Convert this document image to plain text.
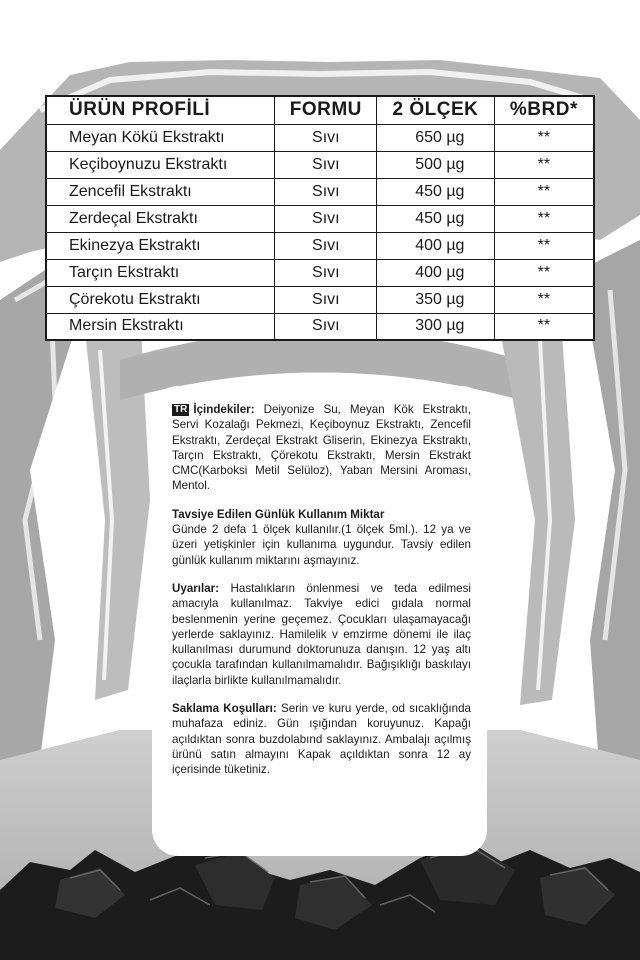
ÜRÜN PROFİLİ	FORMU	2 ÖLÇEK	%BRD*
Meyan Kökü Ekstraktı	Sıvı	650 µg	**
Keçiboynuzu Ekstraktı	Sıvı	500 µg	**
Zencefil Ekstraktı	Sıvı	450 µg	**
Zerdeçal Ekstraktı	Sıvı	450 µg	**
Ekinezya Ekstraktı	Sıvı	400 µg	**
Tarçın Ekstraktı	Sıvı	400 µg	**
Çörekotu Ekstraktı	Sıvı	350 µg	**
Mersin Ekstraktı	Sıvı	300 µg	**

TR İçindekiler: Deiyonize Su, Meyan Kök Ekstraktı, Servi Kozalağı Pekmezi, Keçiboynuz Ekstraktı, Zencefil Ekstraktı, Zerdeçal Ekstrakt Gliserin, Ekinezya Ekstraktı, Tarçın Ekstraktı, Çörekotu Ekstraktı, Mersin Ekstrakt CMC(Karboksi Metil Selüloz), Yaban Mersini Aroması, Mentol.

Tavsiye Edilen Günlük Kullanım Miktar
Günde 2 defa 1 ölçek kullanılır.(1 ölçek 5ml.). 12 ya ve üzeri yetişkinler için kullanıma uygundur. Tavsiy edilen günlük kullanım miktarını aşmayınız.

Uyarılar: Hastalıkların önlenmesi ve teda edilmesi amacıyla kullanılmaz. Takviye edici gıdala normal beslenmenin yerine geçemez. Çocukları ulaşamayacağı yerlerde saklayınız. Hamilelik v emzirme dönemi ile ilaç kullanılması durumund doktorunuza danışın. 12 yaş altı çocukla tarafından kullanılmamalıdır. Bağışıklığı baskılayı ilaçlarla birlikte kullanılmamalıdır.

Saklama Koşulları: Serin ve kuru yerde, od sıcaklığında muhafaza ediniz. Gün ışığından koruyunuz. Kapağı açıldıktan sonra buzdolabınd saklayınız. Ambalajı açılmış ürünü satın almayını Kapak açıldıktan sonra 12 ay içerisinde tüketiniz.
